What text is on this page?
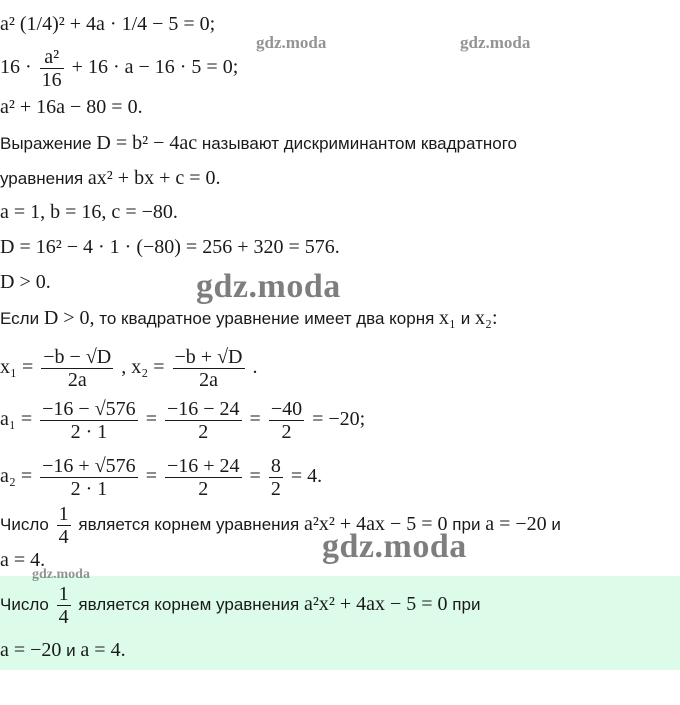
a² (1/4)² + 4a · 1/4 − 5 = 0;
$16 \cdot \frac{\text{a²}}{16} + 16 \cdot a - 16 \cdot 5 = 0$;
a² + 16a − 80 = 0.
Выражение D = b² − 4ac называют дискриминантом квадратного
уравнения ax² + bx + c = 0.
a = 1, b = 16, c = −80.
D = 16² − 4 · 1 · (−80) = 256 + 320 = 576.
D > 0.
Если D > 0, то квадратное уравнение имеет два корня x₁ и x₂:
$x_1 = \frac{-b - √D}{2a}$ , $x_2 = \frac{-b + √D}{2a}$ .
$a_1 = \frac{-16 - √576}{2 \cdot 1} = \frac{-16 - 24}{2} = \frac{-40}{2} = -20$;
$a_2 = \frac{-16 + √576}{2 \cdot 1} = \frac{-16 + 24}{2} = \frac{8}{2} = 4$.
Число $\frac{1}{4}$ является корнем уравнения a²x² + 4ax − 5 = 0 при a = −20 и
a = 4.
Число $\frac{1}{4}$ является корнем уравнения a²x² + 4ax − 5 = 0 при
a = −20 и a = 4.
gdz.moda	gdz.moda
gdz.moda
gdz.moda
gdz.moda
